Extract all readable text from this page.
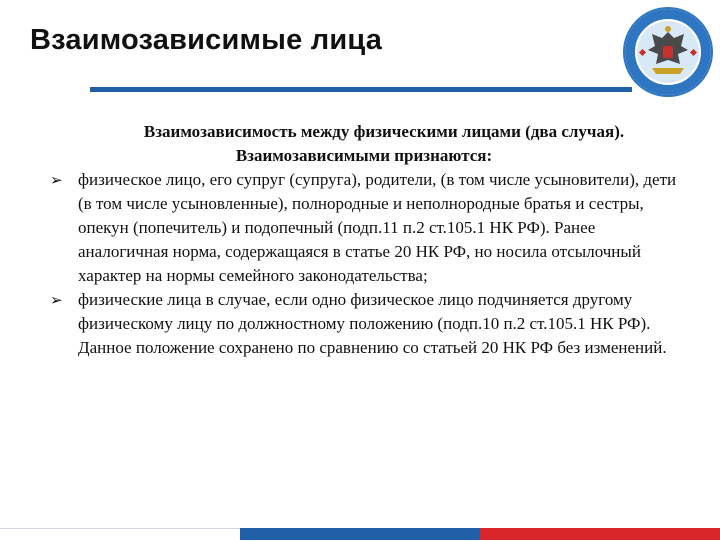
Взаимозависимые лица

Взаимозависимость между физическими лицами (два случая).

Взаимозависимыми признаются:

➢ физическое лицо, его супруг (супруга), родители, (в том числе усыновители), дети (в том числе усыновленные), полнородные и неполнородные братья и сестры, опекун (попечитель) и подопечный (подп.11 п.2 ст.105.1 НК РФ). Ранее аналогичная норма, содержащаяся в статье 20 НК РФ, но носила отсылочный характер на нормы семейного законодательства;
➢ физические лица в случае, если одно физическое лицо подчиняется другому физическому лицу по должностному положению (подп.10 п.2 ст.105.1 НК РФ). Данное положение сохранено по сравнению со статьей 20 НК РФ без изменений.
